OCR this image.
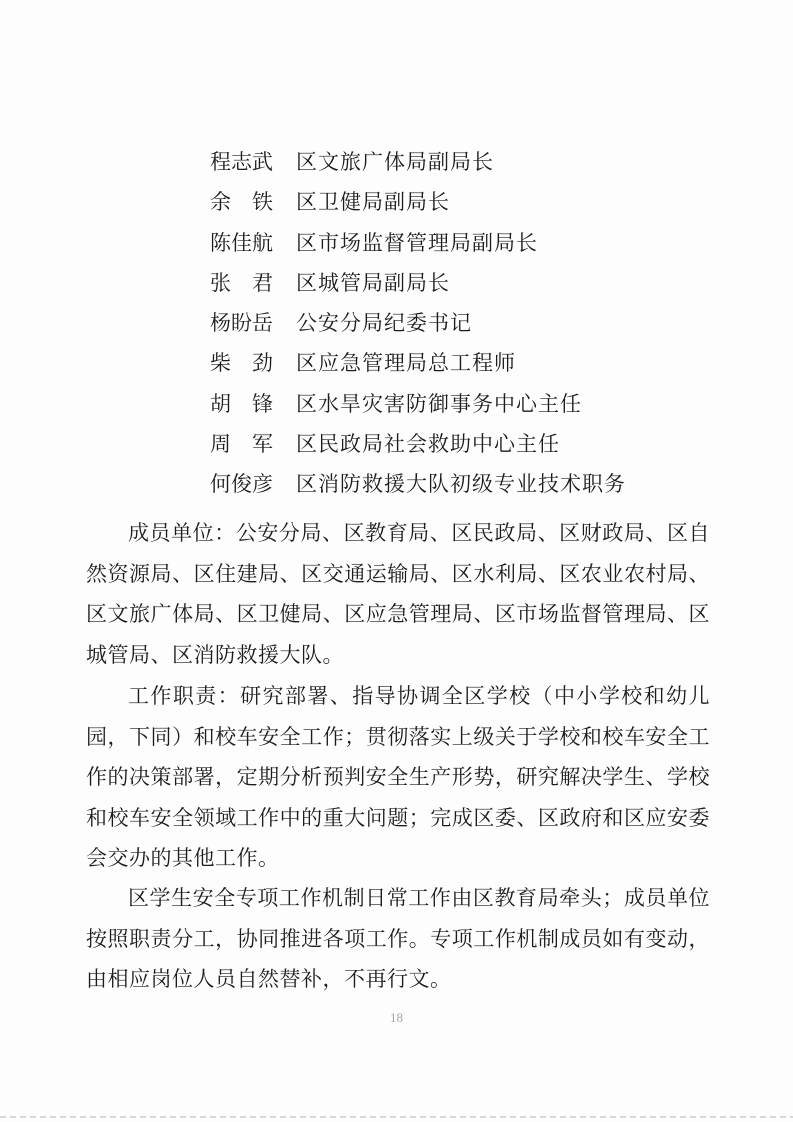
程志武 区文旅广体局副局长
余铁区卫健局副局长
陈佳航 区市场监督管理局副局长
张君区城管局副局长
杨盼岳 公安分局纪委书记
柴劲区应急管理局总工程师
胡锋区水旱灾害防御事务中心主任
周军区民政局社会救助中心主任
何俊彦 区消防救援大队初级专业技术职务

成员单位：公安分局、区教育局、区民政局、区财政局、区自然资源局、区住建局、区交通运输局、区水利局、区农业农村局、区文旅广体局、区卫健局、区应急管理局、区市场监督管理局、区城管局、区消防救援大队。

工作职责：研究部署、指导协调全区学校（中小学校和幼儿园，下同）和校车安全工作；贯彻落实上级关于学校和校车安全工作的决策部署，定期分析预判安全生产形势，研究解决学生、学校和校车安全领域工作中的重大问题；完成区委、区政府和区应安委会交办的其他工作。

区学生安全专项工作机制日常工作由区教育局牵头；成员单位按照职责分工，协同推进各项工作。专项工作机制成员如有变动，由相应岗位人员自然替补，不再行文。

18
